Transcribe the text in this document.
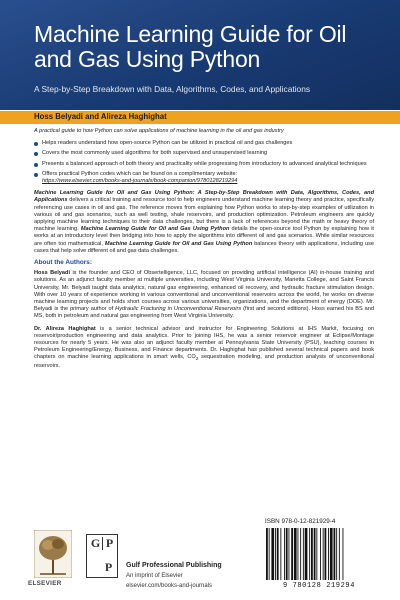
Machine Learning Guide for Oil and Gas Using Python
A Step-by-Step Breakdown with Data, Algorithms, Codes, and Applications
Hoss Belyadi and Alireza Haghighat

A practical guide to how Python can solve applications of machine learning in the oil and gas industry

Helps readers understand how open-source Python can be utilized in practical oil and gas challenges
Covers the most commonly used algorithms for both supervised and unsupervised learning
Presents a balanced approach of both theory and practicality while progressing from introductory to advanced analytical techniques
Offers practical Python codes which can be found on a complimentary website:
https://www.elsevier.com/books-and-journals/book-companion/9780128219294

Machine Learning Guide for Oil and Gas Using Python: A Step-by-Step Breakdown with Data, Algorithms, Codes, and Applications delivers a critical training and resource tool to help engineers understand machine learning theory and practice, specifically referencing use cases in oil and gas. The reference moves from explaining how Python works to step-by-step examples of utilization in various oil and gas scenarios, such as well testing, shale reservoirs, and production optimization. Petroleum engineers are quickly applying machine learning techniques to their data challenges, but there is a lack of references beyond the math or heavy theory of machine learning. Machine Learning Guide for Oil and Gas Using Python details the open-source tool Python by explaining how it works at an introductory level then bridging into how to apply the algorithms into different oil and gas scenarios. While similar resources are often too mathematical, Machine Learning Guide for Oil and Gas Using Python balances theory with applications, including use cases that help solve different oil and gas data challenges.

About the Authors:

Hoss Belyadi is the founder and CEO of Obsertelligence, LLC, focused on providing artificial intelligence (AI) in-house training and solutions. As an adjunct faculty member at multiple universities, including West Virginia University, Marietta College, and Saint Francis University, Mr. Belyadi taught data analytics, natural gas engineering, enhanced oil recovery, and hydraulic fracture stimulation design. With over 10 years of experience working in various conventional and unconventional reservoirs across the world, he works on diverse machine learning projects and holds short courses across various universities, organizations, and the department of energy (DOE). Mr. Belyadi is the primary author of Hydraulic Fracturing in Unconventional Reservoirs (first and second editions). Hoss earned his BS and MS, both in petroleum and natural gas engineering from West Virginia University.

Dr. Alireza Haghighat is a senior technical advisor and instructor for Engineering Solutions at IHS Markit, focusing on reservoir/production engineering and data analytics. Prior to joining IHS, he was a senior reservoir engineer at Eclipse/Montage resources for nearly 5 years. He was also an adjunct faculty member at Pennsylvania State University (PSU), teaching courses in Petroleum Engineering/Energy, Business, and Finance departments. Dr. Haghighat has published several technical papers and book chapters on machine learning applications in smart wells, $CO_2$ sequestration modeling, and production analysis of unconventional reservoirs.

ELSEVIER
G P
P	Gulf Professional Publishing
An imprint of Elsevier
elsevier.com/books-and-journals
ISBN 978-0-12-821929-4
9 780128 219294
